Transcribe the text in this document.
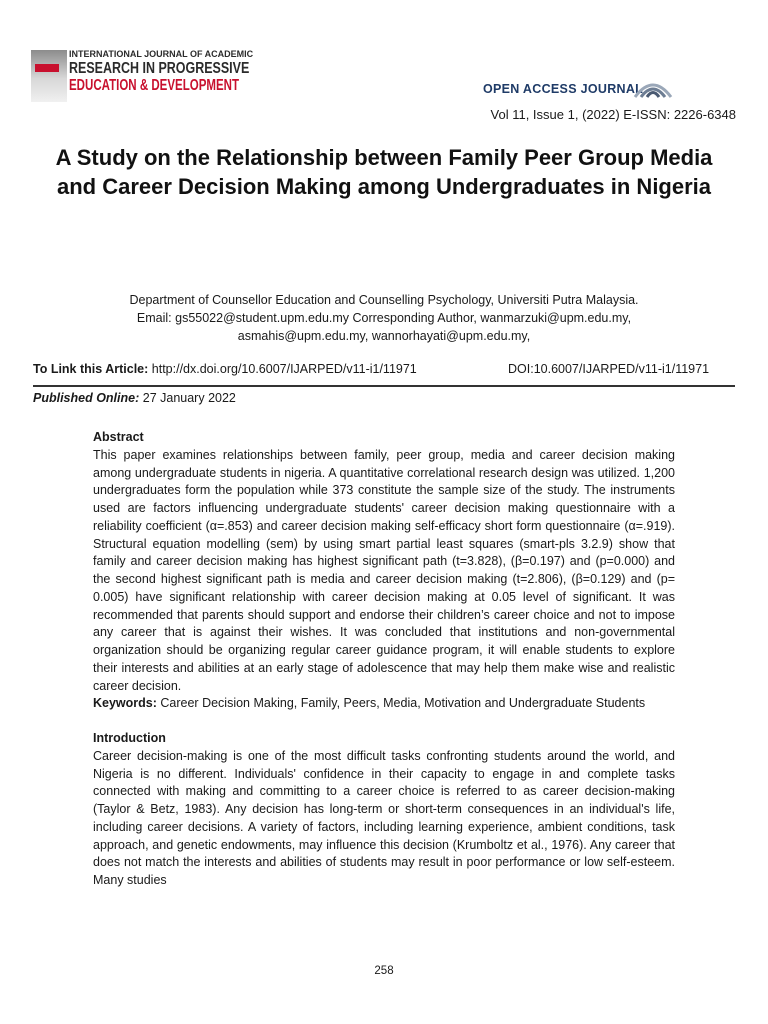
INTERNATIONAL JOURNAL OF ACADEMIC
RESEARCH IN PROGRESSIVE
EDUCATION & DEVELOPMENT	OPEN ACCESS JOURNAL
Vol 11, Issue 1, (2022) E-ISSN: 2226-6348
A Study on the Relationship between Family Peer Group Media and Career Decision Making among Undergraduates in Nigeria
Department of Counsellor Education and Counselling Psychology, Universiti Putra Malaysia.
Email: gs55022@student.upm.edu.my Corresponding Author, wanmarzuki@upm.edu.my,
asmahis@upm.edu.my, wannorhayati@upm.edu.my,
To Link this Article: http://dx.doi.org/10.6007/IJARPED/v11-i1/11971	DOI:10.6007/IJARPED/v11-i1/11971
Published Online: 27 January 2022

Abstract

This paper examines relationships between family, peer group, media and career decision making among undergraduate students in nigeria. A quantitative correlational research design was utilized. 1,200 undergraduates form the population while 373 constitute the sample size of the study. The instruments used are factors influencing undergraduate students' career decision making questionnaire with a reliability coefficient (α=.853) and career decision making self-efficacy short form questionnaire (α=.919). Structural equation modelling (sem) by using smart partial least squares (smart-pls 3.2.9) show that family and career decision making has highest significant path (t=3.828), (β=0.197) and (p=0.000) and the second highest significant path is media and career decision making (t=2.806), (β=0.129) and (p= 0.005) have significant relationship with career decision making at 0.05 level of significant. It was recommended that parents should support and endorse their children’s career choice and not to impose any career that is against their wishes. It was concluded that institutions and non-governmental organization should be organizing regular career guidance program, it will enable students to explore their interests and abilities at an early stage of adolescence that may help them make wise and realistic career decision.

Keywords: Career Decision Making, Family, Peers, Media, Motivation and Undergraduate Students

Introduction

Career decision-making is one of the most difficult tasks confronting students around the world, and Nigeria is no different. Individuals' confidence in their capacity to engage in and complete tasks connected with making and committing to a career choice is referred to as career decision-making (Taylor & Betz, 1983). Any decision has long-term or short-term consequences in an individual's life, including career decisions. A variety of factors, including learning experience, ambient conditions, task approach, and genetic endowments, may influence this decision (Krumboltz et al., 1976). Any career that does not match the interests and abilities of students may result in poor performance or low self-esteem. Many studies

258
